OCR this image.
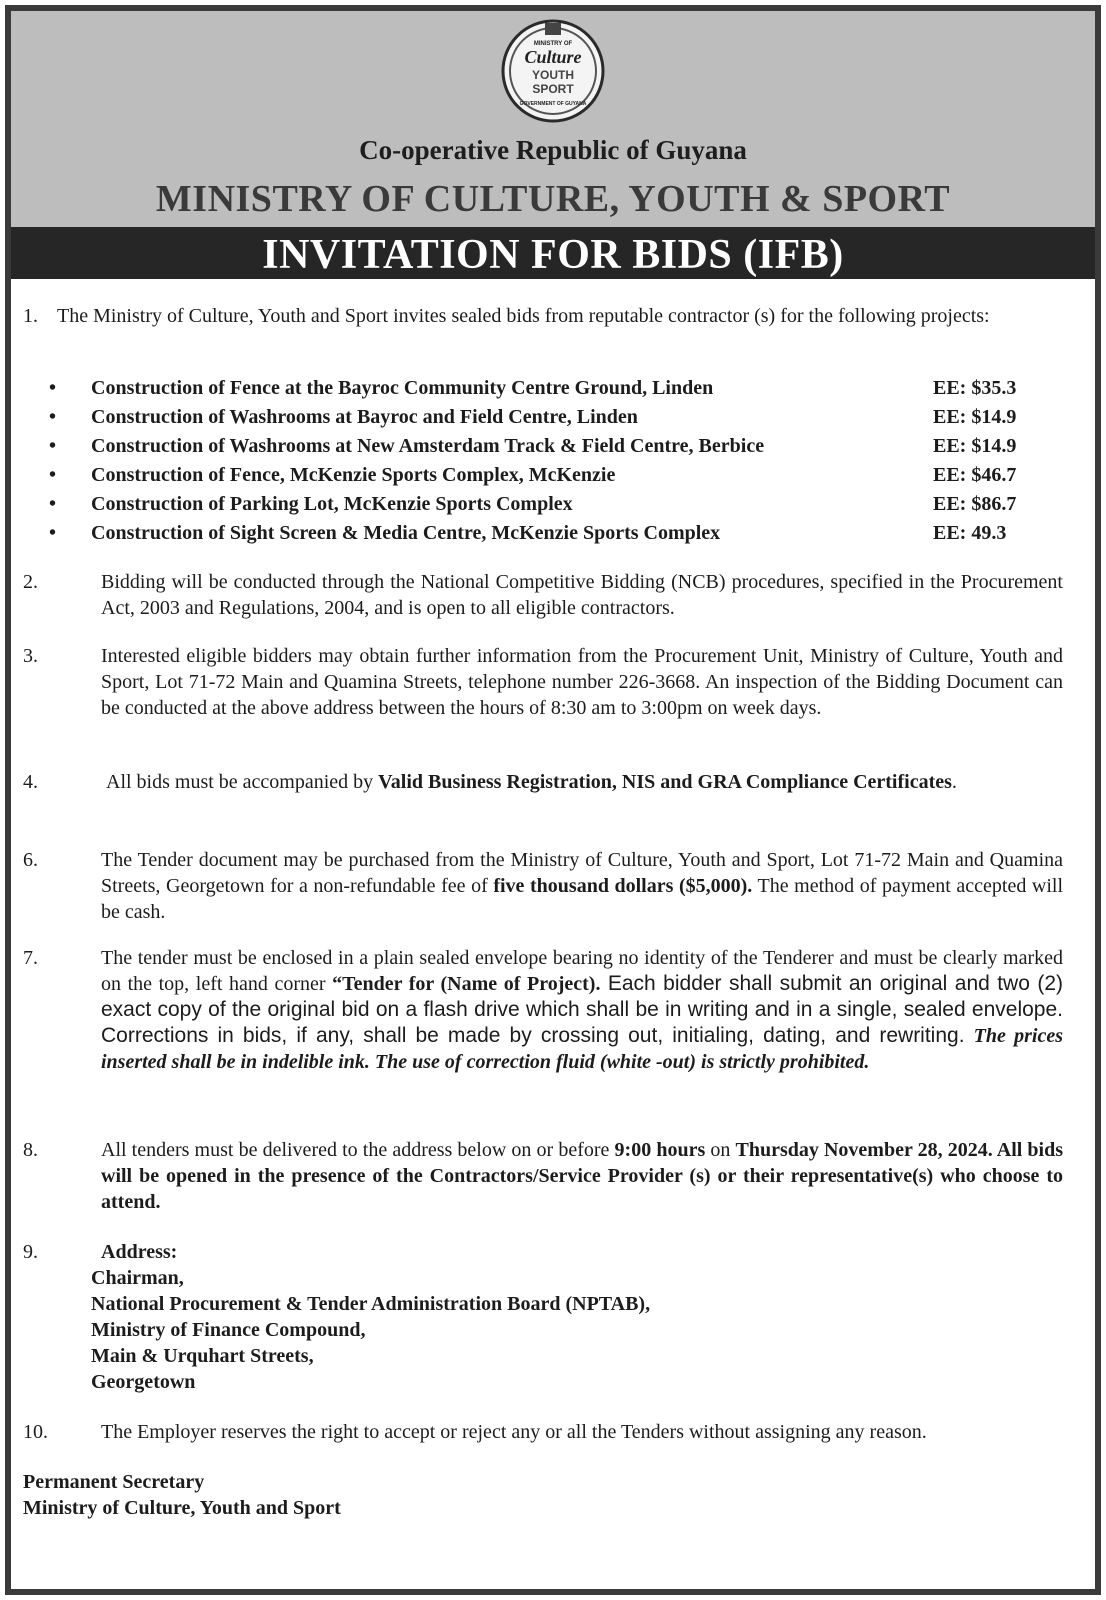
MINISTRY OF
Culture
YOUTH
SPORT
GOVERNMENT OF GUYANA
Co-operative Republic of Guyana
MINISTRY OF CULTURE, YOUTH & SPORT
INVITATION FOR BIDS (IFB)
1. The Ministry of Culture, Youth and Sport invites sealed bids from reputable contractor (s) for the following projects:

• Construction of Fence at the Bayroc Community Centre Ground, Linden	EE: $35.3
• Construction of Washrooms at Bayroc and Field Centre, Linden	EE: $14.9
• Construction of Washrooms at New Amsterdam Track & Field Centre, Berbice	EE: $14.9
• Construction of Fence, McKenzie Sports Complex, McKenzie	EE: $46.7
• Construction of Parking Lot, McKenzie Sports Complex	EE: $86.7
• Construction of Sight Screen & Media Centre, McKenzie Sports Complex	EE: 49.3
2.	Bidding will be conducted through the National Competitive Bidding (NCB) procedures, specified in the Procurement Act, 2003 and Regulations, 2004, and is open to all eligible contractors.

3.	Interested eligible bidders may obtain further information from the Procurement Unit, Ministry of Culture, Youth and Sport, Lot 71-72 Main and Quamina Streets, telephone number 226-3668. An inspection of the Bidding Document can be conducted at the above address between the hours of 8:30 am to 3:00pm on week days.

4.	All bids must be accompanied by Valid Business Registration, NIS and GRA Compliance Certificates.

6.	The Tender document may be purchased from the Ministry of Culture, Youth and Sport, Lot 71-72 Main and Quamina Streets, Georgetown for a non-refundable fee of five thousand dollars ($5,000). The method of payment accepted will be cash.

7.	The tender must be enclosed in a plain sealed envelope bearing no identity of the Tenderer and must be clearly marked on the top, left hand corner “Tender for (Name of Project). Each bidder shall submit an original and two (2) exact copy of the original bid on a flash drive which shall be in writing and in a single, sealed envelope. Corrections in bids, if any, shall be made by crossing out, initialing, dating, and rewriting. The prices inserted shall be in indelible ink. The use of correction fluid (white -out) is strictly prohibited.

8.	All tenders must be delivered to the address below on or before 9:00 hours on Thursday November 28, 2024. All bids will be opened in the presence of the Contractors/Service Provider (s) or their representative(s) who choose to attend.

9.	Address:

Chairman,

National Procurement & Tender Administration Board (NPTAB),

Ministry of Finance Compound,

Main & Urquhart Streets,

Georgetown

10.	The Employer reserves the right to accept or reject any or all the Tenders without assigning any reason.

Permanent Secretary

Ministry of Culture, Youth and Sport
